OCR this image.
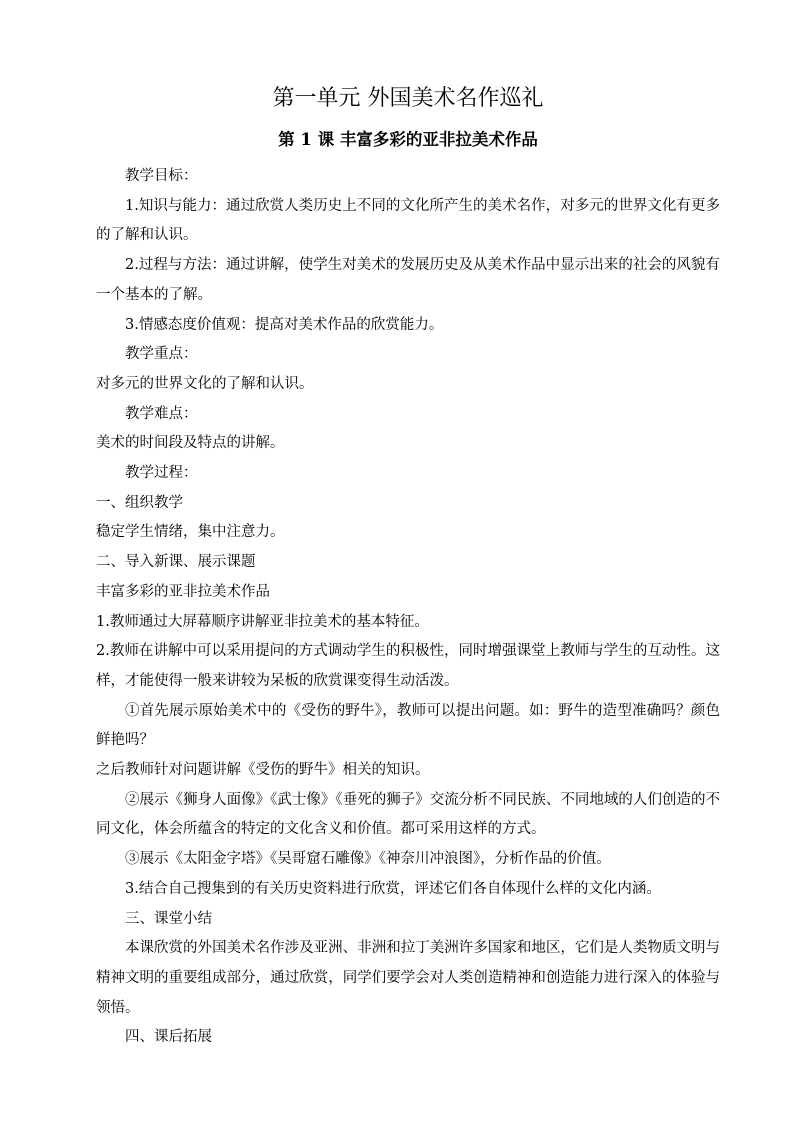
第一单元 外国美术名作巡礼
第 1 课 丰富多彩的亚非拉美术作品

教学目标：

1.知识与能力：通过欣赏人类历史上不同的文化所产生的美术名作，对多元的世界文化有更多的了解和认识。

2.过程与方法：通过讲解，使学生对美术的发展历史及从美术作品中显示出来的社会的风貌有一个基本的了解。

3.情感态度价值观：提高对美术作品的欣赏能力。

教学重点：

对多元的世界文化的了解和认识。

教学难点：

美术的时间段及特点的讲解。

教学过程：

一、组织教学

稳定学生情绪，集中注意力。

二、导入新课、展示课题

丰富多彩的亚非拉美术作品

1.教师通过大屏幕顺序讲解亚非拉美术的基本特征。

2.教师在讲解中可以采用提问的方式调动学生的积极性，同时增强课堂上教师与学生的互动性。这样，才能使得一般来讲较为呆板的欣赏课变得生动活泼。

①首先展示原始美术中的《受伤的野牛》，教师可以提出问题。如：野牛的造型准确吗？颜色鲜艳吗？

之后教师针对问题讲解《受伤的野牛》相关的知识。

②展示《狮身人面像》《武士像》《垂死的狮子》交流分析不同民族、不同地域的人们创造的不同文化，体会所蕴含的特定的文化含义和价值。都可采用这样的方式。

③展示《太阳金字塔》《吴哥窟石雕像》《神奈川冲浪图》，分析作品的价值。

3.结合自己搜集到的有关历史资料进行欣赏，评述它们各自体现什么样的文化内涵。

三、课堂小结

本课欣赏的外国美术名作涉及亚洲、非洲和拉丁美洲许多国家和地区，它们是人类物质文明与精神文明的重要组成部分，通过欣赏，同学们要学会对人类创造精神和创造能力进行深入的体验与领悟。

四、课后拓展
